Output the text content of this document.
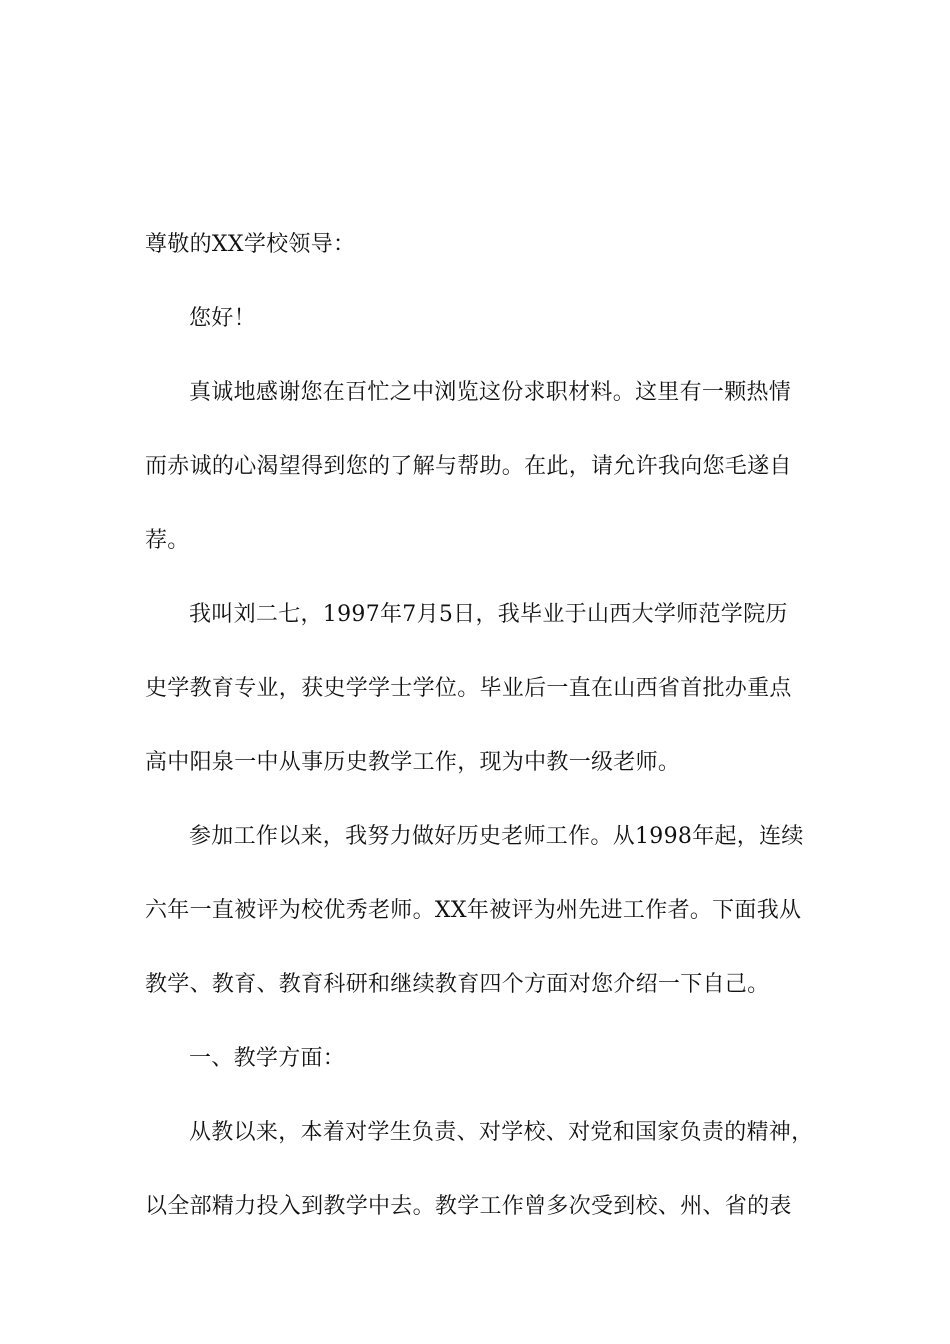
尊敬的XX学校领导：
您好！
真诚地感谢您在百忙之中浏览这份求职材料。这里有一颗热情
而赤诚的心渴望得到您的了解与帮助。在此，请允许我向您毛遂自
荐。
我叫刘二七，1997年7月5日，我毕业于山西大学师范学院历
史学教育专业，获史学学士学位。毕业后一直在山西省首批办重点
高中阳泉一中从事历史教学工作，现为中教一级老师。
参加工作以来，我努力做好历史老师工作。从1998年起，连续
六年一直被评为校优秀老师。XX年被评为州先进工作者。下面我从
教学、教育、教育科研和继续教育四个方面对您介绍一下自己。
一、教学方面：
从教以来，本着对学生负责、对学校、对党和国家负责的精神，
以全部精力投入到教学中去。教学工作曾多次受到校、州、省的表
